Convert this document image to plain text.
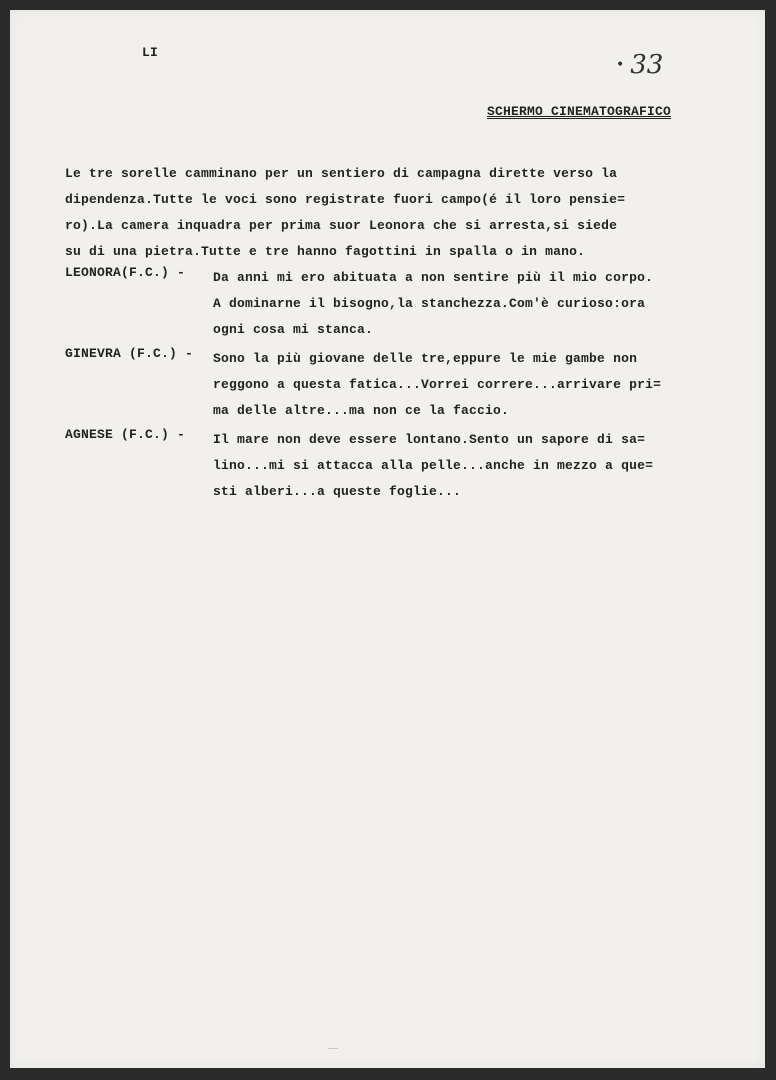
LI
• 33
SCHERMO CINEMATOGRAFICO
Le tre sorelle camminano per un sentiero di campagna dirette verso la
dipendenza.Tutte le voci sono registrate fuori campo(é il loro pensie=
ro).La camera inquadra per prima suor Leonora che si arresta,si siede
su di una pietra.Tutte e tre hanno fagottini in spalla o in mano.
LEONORA(F.C.) - Da anni mi ero abituata a non sentire più il mio corpo.
A dominarne il bisogno,la stanchezza.Com'è curioso:ora
ogni cosa mi stanca.
GINEVRA (F.C.) - Sono la più giovane delle tre,eppure le mie gambe non
reggono a questa fatica...Vorrei correre...arrivare pri=
ma delle altre...ma non ce la faccio.
AGNESE (F.C.) - Il mare non deve essere lontano.Sento un sapore di sa=
lino...mi si attacca alla pelle...anche in mezzo a que=
sti alberi...a queste foglie...
